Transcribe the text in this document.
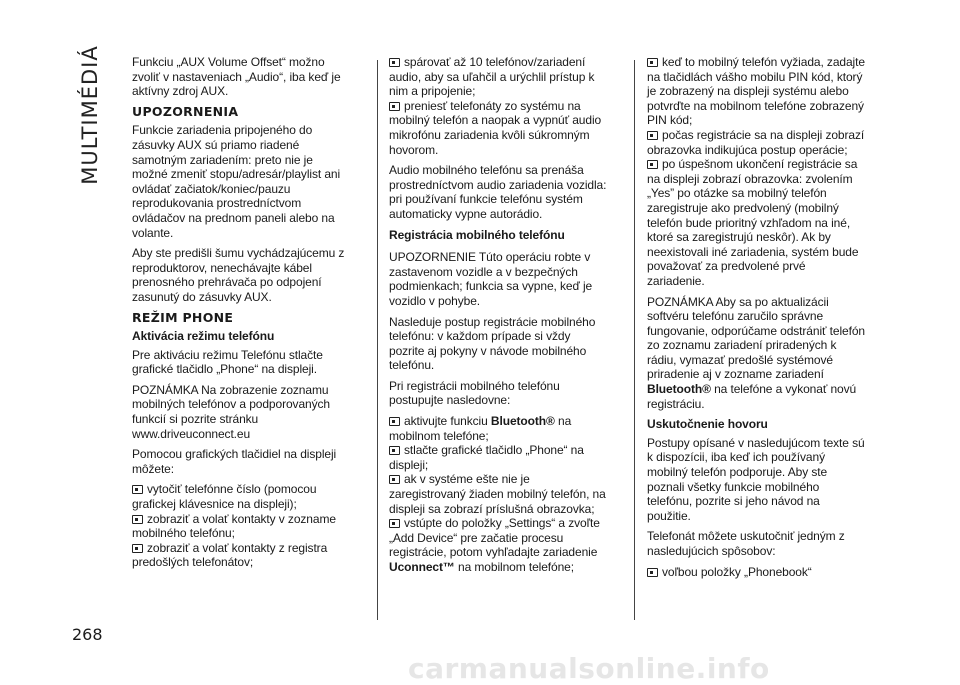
MULTIMÉDIÁ
268

Funkciu „AUX Volume Offset“ možno zvoliť v nastaveniach „Audio“, iba keď je aktívny zdroj AUX.

UPOZORNENIA

Funkcie zariadenia pripojeného do zásuvky AUX sú priamo riadené samotným zariadením: preto nie je možné zmeniť stopu/adresár/playlist ani ovládať začiatok/koniec/pauzu reprodukovania prostredníctvom ovládačov na prednom paneli alebo na volante.

Aby ste predišli šumu vychádzajúcemu z reproduktorov, nenechávajte kábel prenosného prehrávača po odpojení zasunutý do zásuvky AUX.

REŽIM PHONE
Aktivácia režimu telefónu

Pre aktiváciu režimu Telefónu stlačte grafické tlačidlo „Phone“ na displeji.

POZNÁMKA Na zobrazenie zoznamu mobilných telefónov a podporovaných funkcií si pozrite stránku www.driveuconnect.eu

Pomocou grafických tlačidiel na displeji môžete:

vytočiť telefónne číslo (pomocou grafickej klávesnice na displeji);

zobraziť a volať kontakty v zozname mobilného telefónu;

zobraziť a volať kontakty z registra predošlých telefonátov;

spárovať až 10 telefónov/zariadení audio, aby sa uľahčil a urýchlil prístup k nim a pripojenie;

preniesť telefonáty zo systému na mobilný telefón a naopak a vypnúť audio mikrofónu zariadenia kvôli súkromným hovorom.

Audio mobilného telefónu sa prenáša prostredníctvom audio zariadenia vozidla: pri používaní funkcie telefónu systém automaticky vypne autorádio.

Registrácia mobilného telefónu

UPOZORNENIE Túto operáciu robte v zastavenom vozidle a v bezpečných podmienkach; funkcia sa vypne, keď je vozidlo v pohybe.

Nasleduje postup registrácie mobilného telefónu: v každom prípade si vždy pozrite aj pokyny v návode mobilného telefónu.

Pri registrácii mobilného telefónu postupujte nasledovne:

aktivujte funkciu Bluetooth® na mobilnom telefóne;

stlačte grafické tlačidlo „Phone“ na displeji;

ak v systéme ešte nie je zaregistrovaný žiaden mobilný telefón, na displeji sa zobrazí príslušná obrazovka;

vstúpte do položky „Settings“ a zvoľte „Add Device“ pre začatie procesu registrácie, potom vyhľadajte zariadenie Uconnect™ na mobilnom telefóne;

keď to mobilný telefón vyžiada, zadajte na tlačidlách vášho mobilu PIN kód, ktorý je zobrazený na displeji systému alebo potvrďte na mobilnom telefóne zobrazený PIN kód;

počas registrácie sa na displeji zobrazí obrazovka indikujúca postup operácie;

po úspešnom ukončení registrácie sa na displeji zobrazí obrazovka: zvolením „Yes” po otázke sa mobilný telefón zaregistruje ako predvolený (mobilný telefón bude prioritný vzhľadom na iné, ktoré sa zaregistrujú neskôr). Ak by neexistovali iné zariadenia, systém bude považovať za predvolené prvé zariadenie.

POZNÁMKA Aby sa po aktualizácii softvéru telefónu zaručilo správne fungovanie, odporúčame odstrániť telefón zo zoznamu zariadení priradených k rádiu, vymazať predošlé systémové priradenie aj v zozname zariadení Bluetooth® na telefóne a vykonať novú registráciu.

Uskutočnenie hovoru

Postupy opísané v nasledujúcom texte sú k dispozícii, iba keď ich používaný mobilný telefón podporuje. Aby ste poznali všetky funkcie mobilného telefónu, pozrite si jeho návod na použitie.

Telefonát môžete uskutočniť jedným z nasledujúcich spôsobov:

voľbou položky „Phonebook“

carmanualsonline.info
